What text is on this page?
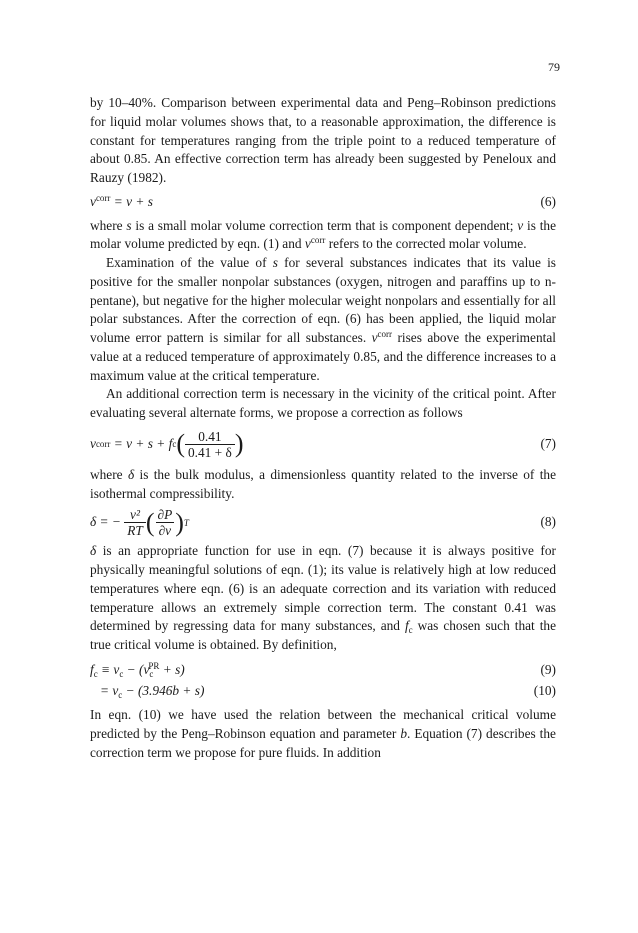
79

by 10–40%. Comparison between experimental data and Peng–Robinson predictions for liquid molar volumes shows that, to a reasonable approximation, the difference is constant for temperatures ranging from the triple point to a reduced temperature of about 0.85. An effective correction term has already been suggested by Peneloux and Rauzy (1982).

$v^{corr} = v + s$	(6)

where s is a small molar volume correction term that is component dependent; v is the molar volume predicted by eqn. (1) and $v^{corr}$ refers to the corrected molar volume.

Examination of the value of s for several substances indicates that its value is positive for the smaller nonpolar substances (oxygen, nitrogen and paraffins up to n-pentane), but negative for the higher molecular weight nonpolars and essentially for all polar substances. After the correction of eqn. (6) has been applied, the liquid molar volume error pattern is similar for all substances. $v^{corr}$ rises above the experimental value at a reduced temperature of approximately 0.85, and the difference increases to a maximum value at the critical temperature.

An additional correction term is necessary in the vicinity of the critical point. After evaluating several alternate forms, we propose a correction as follows

v corr = v + s + f c ( $\frac{0.41}{0.41 + \delta}$ )	(7)

where δ is the bulk modulus, a dimensionless quantity related to the inverse of the isothermal compressibility.

δ = −
$\frac{\text{v²}}{RT}$ ( $\frac{\partial P}{\partial v}$ ) T	(8)

δ is an appropriate function for use in eqn. (7) because it is always positive for physically meaningful solutions of eqn. (1); its value is relatively high at low reduced temperatures where eqn. (6) is an adequate correction and its variation with reduced temperature allows an extremely simple correction term. The constant 0.41 was determined by regressing data for many substances, and $f_c$ was chosen such that the true critical volume is obtained. By definition,

$f_c \equiv v_c - (v_c^{PR} + s)$	(9)
= $v_c - (3.946b + s)$	(10)

In eqn. (10) we have used the relation between the mechanical critical volume predicted by the Peng–Robinson equation and parameter b. Equation (7) describes the correction term we propose for pure fluids. In addition
